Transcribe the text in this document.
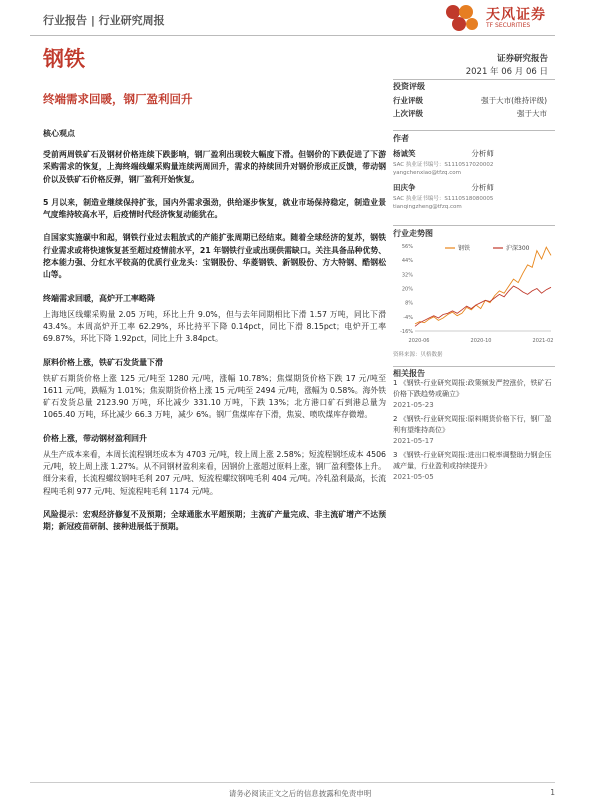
行业报告 | 行业研究周报	天风证券
TF SECURITIES
钢铁
终端需求回暖，钢厂盈利回升
证券研究报告
2021 年 06 月 06 日
投资评级
行业评级	强于大市(维持评级)
上次评级	强于大市
作者
杨诚笑	分析师
SAC 执业证书编号：S1110517020002
yangchenxiao@tfzq.com
田庆争	分析师
SAC 执业证书编号：S1110518080005
tianqingzheng@tfzq.com
行业走势图
-16%
-4%
8%
20%
32%
44%
56%
2020-06	2020-10	2021-02
钢铁	沪深300
资料来源：贝格数据
相关报告
1 《钢铁-行业研究周报:政策频发严控涨价，铁矿石价格下跌趋势或确立》
2021-05-23
2 《钢铁-行业研究周报:原料期货价格下行，钢厂盈利有望维持高位》
2021-05-17
3 《钢铁-行业研究周报:进出口税率调整助力钢企压减产量，行业盈利或持续提升》
2021-05-05
核心观点

受前两周铁矿石及钢材价格连续下跌影响，钢厂盈利出现较大幅度下滑。但钢价的下跌促进了下游采购需求的恢复，上海终端线螺采购量连续两周回升，需求的持续回升对钢价形成正反馈，带动钢价以及铁矿石价格反弹，钢厂盈利开始恢复。

5 月以来，制造业继续保持扩张，国内外需求强劲，供给逐步恢复，就业市场保持稳定，制造业景气度维持较高水平，后疫情时代经济恢复动能犹在。

自国家实施碳中和起，钢铁行业过去粗放式的产能扩张周期已经结束。随着全球经济的复苏，钢铁行业需求或将快速恢复甚至超过疫情前水平，21 年钢铁行业或出现供需缺口。关注具备品种优势、挖本能力强、分红水平较高的优质行业龙头：宝钢股份、华菱钢铁、新钢股份、方大特钢、酷钢松山等。

终端需求回暖，高炉开工率略降

上海地区线螺采购量 2.05 万吨，环比上升 9.0%，但与去年同期相比下滑 1.57 万吨，同比下滑 43.4%。本周高炉开工率 62.29%，环比持平下降 0.14pct，同比下滑 8.15pct；电炉开工率 69.87%，环比下降 1.92pct，同比上升 3.84pct。

原料价格上涨，铁矿石发货量下滑

铁矿石期货价格上涨 125 元/吨至 1280 元/吨，涨幅 10.78%；焦煤期货价格下跌 17 元/吨至 1611 元/吨，跌幅为 1.01%；焦炭期货价格上涨 15 元/吨至 2494 元/吨，涨幅为 0.58%。海外铁矿石发货总量 2123.90 万吨，环比减少 331.10 万吨，下跌 13%；北方港口矿石到港总量为 1065.40 万吨，环比减少 66.3 万吨，减少 6%。钢厂焦煤库存下滑，焦炭、喷吹煤库存微增。

价格上涨，带动钢材盈利回升

从生产成本来看，本周长流程钢坯成本为 4703 元/吨，较上周上涨 2.58%；短流程钢坯成本 4506 元/吨，较上周上涨 1.27%。从不同钢材盈利来看，因钢价上涨超过原料上涨，钢厂盈利整体上升。细分来看，长流程螺纹钢吨毛利 207 元/吨、短流程螺纹钢吨毛利 404 元/吨。冷轧盈利最高，长流程吨毛利 977 元/吨、短流程吨毛利 1174 元/吨。

风险提示：宏观经济修复不及预期；全球通胀水平超预期；主流矿产量完成、非主流矿增产不达预期；新冠疫苗研制、接种进展低于预期。

请务必阅读正文之后的信息披露和免责申明	1
